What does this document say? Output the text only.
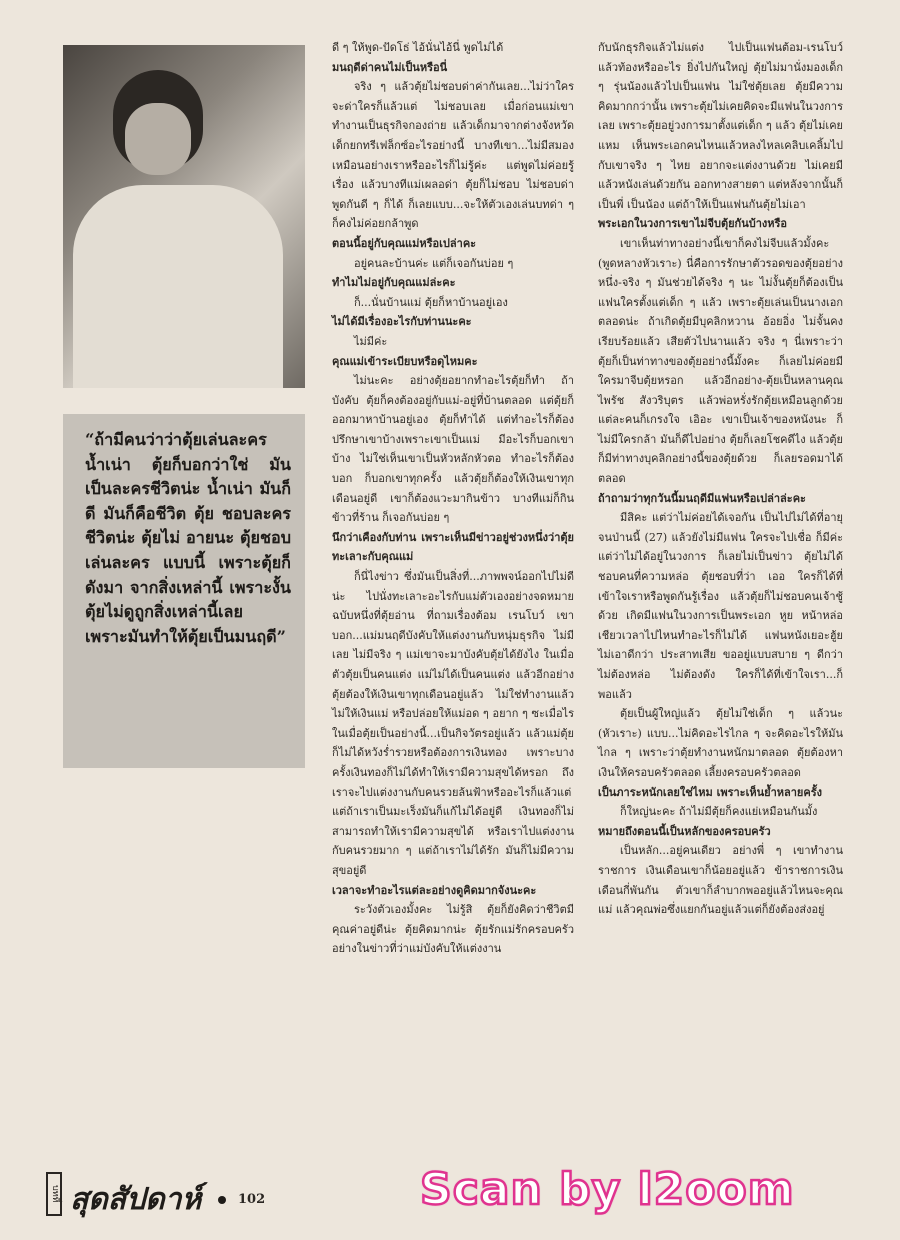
“ถ้ามีคนว่าว่าตุ้ยเล่นละคร น้ำเน่า ตุ้ยก็บอกว่าใช่ มัน เป็นละครชีวิตน่ะ น้ำเน่า มันก็ดี มันก็คือชีวิต ตุ้ย ชอบละครชีวิตน่ะ ตุ้ยไม่ อายนะ ตุ้ยชอบเล่นละคร แบบนี้ เพราะตุ้ยก็ดังมา จากสิ่งเหล่านี้ เพราะงั้น ตุ้ยไม่ดูถูกสิ่งเหล่านี้เลย เพราะมันทำให้ตุ้ยเป็นมนฤดี”

ดี ๆ ให้พูด-ปัดโธ่ ไอ้นั่นไอ้นี่ พูดไม่ได้

มนฤดีด่าคนไม่เป็นหรือนี่

จริง ๆ แล้วตุ้ยไม่ชอบด่าค่ากันเลย...ไม่ว่าใครจะด่าใครก็แล้วแต่ ไม่ชอบเลย เมื่อก่อนแม่เขาทำงานเป็นธุรกิจกองถ่าย แล้วเด็กมาจากต่างจังหวัดเด็กยกทรีเฟล็กซ์อะไรอย่างนี้ บางทีเขา...ไม่มีสมองเหมือนอย่างเราหรืออะไรก็ไม่รู้ค่ะ แต่พูดไม่ค่อยรู้เรื่อง แล้วบางทีแม่เผลอด่า ตุ้ยก็ไม่ชอบ ไม่ชอบด่า พูดกันดี ๆ ก็ได้ ก็เลยแบบ...จะให้ตัวเองเล่นบทด่า ๆ ก็คงไม่ค่อยกล้าพูด

ตอนนี้อยู่กับคุณแม่หรือเปล่าคะ

อยู่คนละบ้านค่ะ แต่ก็เจอกันบ่อย ๆ

ทำไมไม่อยู่กับคุณแม่ล่ะคะ

ก็...นั่นบ้านแม่ ตุ้ยก็หาบ้านอยู่เอง

ไม่ได้มีเรื่องอะไรกับท่านนะคะ

ไม่มีค่ะ

คุณแม่เข้าระเบียบหรือดุไหมคะ

ไม่นะคะ อย่างตุ้ยอยากทำอะไรตุ้ยก็ทำ ถ้าบังคับ ตุ้ยก็คงต้องอยู่กับแม่-อยู่ที่บ้านตลอด แต่ตุ้ยก็ออกมาหาบ้านอยู่เอง ตุ้ยก็ทำได้ แต่ทำอะไรก็ต้องปรึกษาเขาบ้างเพราะเขาเป็นแม่ มีอะไรก็บอกเขาบ้าง ไม่ใช่เห็นเขาเป็นหัวหลักหัวตอ ทำอะไรก็ต้องบอก ก็บอกเขาทุกครั้ง แล้วตุ้ยก็ต้องให้เงินเขาทุกเดือนอยู่ดี เขาก็ต้องแวะมากินข้าว บางทีแม่ก็กินข้าวที่ร้าน ก็เจอกันบ่อย ๆ

นึกว่าเคืองกับท่าน เพราะเห็นมีข่าวอยู่ช่วงหนึ่งว่าตุ้ยทะเลาะกับคุณแม่

ก็นี่ไงข่าว ซึ่งมันเป็นสิ่งที่...ภาพพจน์ออกไปไม่ดีน่ะ ไปนั่งทะเลาะอะไรกับแม่ตัวเองอย่างจดหมายฉบับหนึ่งที่ตุ้ยอ่าน ที่ถามเรื่องต้อม เรนโบว์ เขาบอก...แม่มนฤดีบังคับให้แต่งงานกับหนุ่มธุรกิจ ไม่มีเลย ไม่มีจริง ๆ แม่เขาจะมาบังคับตุ้ยได้ยังไง ในเมื่อตัวตุ้ยเป็นคนแต่ง แม่ไม่ได้เป็นคนแต่ง แล้วอีกอย่างตุ้ยต้องให้เงินเขาทุกเดือนอยู่แล้ว ไม่ใช่ทำงานแล้วไม่ให้เงินแม่ หรือปล่อยให้แม่อด ๆ อยาก ๆ ซะเมื่อไร ในเมื่อตุ้ยเป็นอย่างนี้...เป็นกิจวัตรอยู่แล้ว แล้วแม่ตุ้ยก็ไม่ได้หวังร่ำรวยหรือต้องการเงินทอง เพราะบางครั้งเงินทองก็ไม่ได้ทำให้เรามีความสุขได้หรอก ถึงเราจะไปแต่งงานกับคนรวยล้นฟ้าหรืออะไรก็แล้วแต่ แต่ถ้าเราเป็นมะเร็งมันก็แก้ไม่ได้อยู่ดี เงินทองก็ไม่สามารถทำให้เรามีความสุขได้ หรือเราไปแต่งงานกับคนรวยมาก ๆ แต่ถ้าเราไม่ได้รัก มันก็ไม่มีความสุขอยู่ดี

เวลาจะทำอะไรแต่ละอย่างดูคิดมากจังนะคะ

ระวังตัวเองมั้งคะ ไม่รู้สิ ตุ้ยก็ยังคิดว่าชีวิตมีคุณค่าอยู่ดีน่ะ ตุ้ยคิดมากน่ะ ตุ้ยรักแม่รักครอบครัว อย่างในข่าวที่ว่าแม่บังคับให้แต่งงาน

กับนักธุรกิจแล้วไม่แต่ง ไปเป็นแฟนต้อม-เรนโบว์ แล้วท้องหรืออะไร ยิ่งไปกันใหญ่ ตุ้ยไม่มานั่งมองเด็ก ๆ รุ่นน้องแล้วไปเป็นแฟน ไม่ใช่ตุ้ยเลย ตุ้ยมีความคิดมากกว่านั้น เพราะตุ้ยไม่เคยคิดจะมีแฟนในวงการเลย เพราะตุ้ยอยู่วงการมาตั้งแต่เด็ก ๆ แล้ว ตุ้ยไม่เคย แหม เห็นพระเอกคนไหนแล้วหลงไหลเคลิบเคลิ้มไปกับเขาจริง ๆ ไหย อยากจะแต่งงานด้วย ไม่เคยมี แล้วหนังเล่นด้วยกัน ออกทางสายตา แต่หลังจากนั้นก็เป็นพี่ เป็นน้อง แต่ถ้าให้เป็นแฟนกันตุ้ยไม่เอา

พระเอกในวงการเขาไม่จีบตุ้ยกันบ้างหรือ

เขาเห็นท่าทางอย่างนี้เขาก็คงไม่จีบแล้วมั้งคะ (พูดหลางหัวเราะ) นี่คือการรักษาตัวรอดของตุ้ยอย่างหนึ่ง-จริง ๆ มันช่วยได้จริง ๆ นะ ไม่งั้นตุ้ยก็ต้องเป็นแฟนใครตั้งแต่เด็ก ๆ แล้ว เพราะตุ้ยเล่นเป็นนางเอกตลอดน่ะ ถ้าเกิดตุ้ยมีบุคลิกหวาน อ้อยอิ่ง ไม่จั้นคงเรียบร้อยแล้ว เสียตัวไปนานแล้ว จริง ๆ นี่เพราะว่าตุ้ยก็เป็นท่าทางของตุ้ยอย่างนี้มั้งคะ ก็เลยไม่ค่อยมีใครมาจีบตุ้ยหรอก แล้วอีกอย่าง-ตุ้ยเป็นหลานคุณไพรัช สังวริบุตร แล้วพ่อหรั่งรักตุ้ยเหมือนลูกด้วย แต่ละคนก็เกรงใจ เอิอะ เขาเป็นเจ้าของหนังนะ ก็ไม่มีใครกล้า มันก็ดีไปอย่าง ตุ้ยก็เลยโชคดีไง แล้วตุ้ยก็มีท่าทางบุคลิกอย่างนี้ของตุ้ยด้วย ก็เลยรอดมาได้ตลอด

ถ้าถามว่าทุกวันนี้มนฤดีมีแฟนหรือเปล่าล่ะคะ

มีสิคะ แต่ว่าไม่ค่อยได้เจอกัน เป็นไปไม่ได้ที่อายุจนป่านนี้ (27) แล้วยังไม่มีแฟน ใครจะไปเชื่อ ก็มีค่ะ แต่ว่าไม่ได้อยู่ในวงการ ก็เลยไม่เป็นข่าว ตุ้ยไม่ได้ชอบคนที่ความหล่อ ตุ้ยชอบที่ว่า เออ ใครก็ได้ที่เข้าใจเราหรือพูดกันรู้เรื่อง แล้วตุ้ยก็ไม่ชอบคนเจ้าชู้ด้วย เกิดมีแฟนในวงการเป็นพระเอก หูย หน้าหล่อเชียวเวลาไปไหนทำอะไรก็ไม่ได้ แฟนหนังเยอะฮู้ย ไม่เอาดีกว่า ประสาทเสีย ขออยู่แบบสบาย ๆ ดีกว่า ไม่ต้องหล่อ ไม่ต้องดัง ใครก็ได้ที่เข้าใจเรา...ก็พอแล้ว

ตุ้ยเป็นผู้ใหญ่แล้ว ตุ้ยไม่ใช่เด็ก ๆ แล้วนะ (หัวเราะ) แบบ...ไม่คิดอะไรไกล ๆ จะคิดอะไรให้มันไกล ๆ เพราะว่าตุ้ยทำงานหนักมาตลอด ตุ้ยต้องหาเงินให้ครอบครัวตลอด เลี้ยงครอบครัวตลอด

เป็นภาระหนักเลยใช่ไหม เพราะเห็นย้ำหลายครั้ง

ก็ใหญ่นะคะ ถ้าไม่มีตุ้ยก็คงแย่เหมือนกันมั้ง

หมายถึงตอนนี้เป็นหลักของครอบครัว

เป็นหลัก...อยู่คนเดียว อย่างพี่ ๆ เขาทำงานราชการ เงินเดือนเขาก็น้อยอยู่แล้ว ข้าราชการเงินเดือนกี่พันกัน ตัวเขาก็ลำบากพออยู่แล้วไหนจะคุณแม่ แล้วคุณพ่อซึ่งแยกกันอยู่แล้วแต่ก็ยังต้องส่งอยู่

บทที่ สุดสัปดาห์	102	Scan by l2oom
